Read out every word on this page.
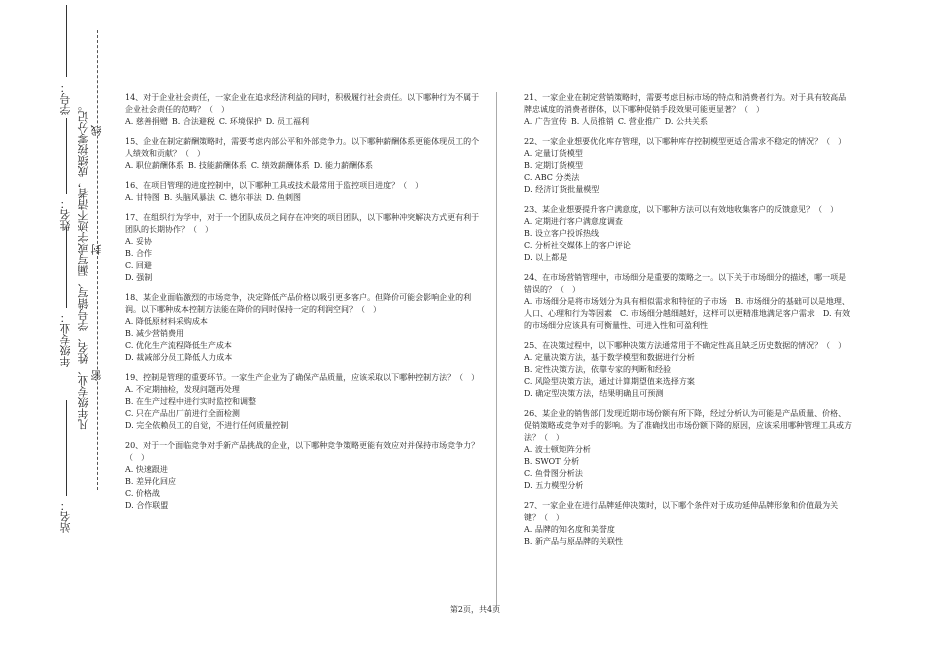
学号：
姓名：
年级专业：
站名：
凡年级专业、姓名、学号错写、漏写或字迹不清者，成绩按零分记。 密
封
线

14、对于企业社会责任，一家企业在追求经济利益的同时，积极履行社会责任。以下哪种行为不属于企业社会责任的范畴？（　）

A. 慈善捐赠 B. 合法避税 C. 环境保护 D. 员工福利

15、企业在制定薪酬策略时，需要考虑内部公平和外部竞争力。以下哪种薪酬体系更能体现员工的个人绩效和贡献？（　）

A. 职位薪酬体系 B. 技能薪酬体系 C. 绩效薪酬体系 D. 能力薪酬体系

16、在项目管理的进度控制中，以下哪种工具或技术最常用于监控项目进度？（　）

A. 甘特图 B. 头脑风暴法 C. 德尔菲法 D. 鱼刺图

17、在组织行为学中，对于一个团队成员之间存在冲突的项目团队，以下哪种冲突解决方式更有利于团队的长期协作？（　）

A. 妥协
B. 合作
C. 回避
D. 强制

18、某企业面临激烈的市场竞争，决定降低产品价格以吸引更多客户。但降价可能会影响企业的利润。以下哪种成本控制方法能在降价的同时保持一定的利润空间？（　）

A. 降低原材料采购成本
B. 减少营销费用
C. 优化生产流程降低生产成本
D. 裁减部分员工降低人力成本

19、控制是管理的重要环节。一家生产企业为了确保产品质量，应该采取以下哪种控制方法？（　）

A. 不定期抽检，发现问题再处理
B. 在生产过程中进行实时监控和调整
C. 只在产品出厂前进行全面检测
D. 完全依赖员工的自觉，不进行任何质量控制

20、对于一个面临竞争对手新产品挑战的企业，以下哪种竞争策略更能有效应对并保持市场竞争力？（　）

A. 快速跟进
B. 差异化回应
C. 价格战
D. 合作联盟

21、一家企业在制定营销策略时，需要考虑目标市场的特点和消费者行为。对于具有较高品牌忠诚度的消费者群体，以下哪种促销手段效果可能更显著？（　）

A. 广告宣传 B. 人员推销 C. 营业推广 D. 公共关系

22、一家企业想要优化库存管理，以下哪种库存控制模型更适合需求不稳定的情况？（　）

A. 定量订货模型
B. 定期订货模型
C. ABC 分类法
D. 经济订货批量模型

23、某企业想要提升客户满意度，以下哪种方法可以有效地收集客户的反馈意见？（　）

A. 定期进行客户满意度调查
B. 设立客户投诉热线
C. 分析社交媒体上的客户评论
D. 以上都是

24、在市场营销管理中，市场细分是重要的策略之一。以下关于市场细分的描述，哪一项是错误的？（　）

A. 市场细分是将市场划分为具有相似需求和特征的子市场　B. 市场细分的基础可以是地理、人口、心理和行为等因素　C. 市场细分越细越好，这样可以更精准地满足客户需求　D. 有效的市场细分应该具有可衡量性、可进入性和可盈利性

25、在决策过程中，以下哪种决策方法通常用于不确定性高且缺乏历史数据的情况？（　）

A. 定量决策方法，基于数学模型和数据进行分析
B. 定性决策方法，依靠专家的判断和经验
C. 风险型决策方法，通过计算期望值来选择方案
D. 确定型决策方法，结果明确且可预测

26、某企业的销售部门发现近期市场份额有所下降，经过分析认为可能是产品质量、价格、促销策略或竞争对手的影响。为了准确找出市场份额下降的原因，应该采用哪种管理工具或方法？（　）

A. 波士顿矩阵分析
B. SWOT 分析
C. 鱼骨图分析法
D. 五力模型分析

27、一家企业在进行品牌延伸决策时，以下哪个条件对于成功延伸品牌形象和价值最为关键？（　）

A. 品牌的知名度和美誉度
B. 新产品与原品牌的关联性
第2页，共4页
